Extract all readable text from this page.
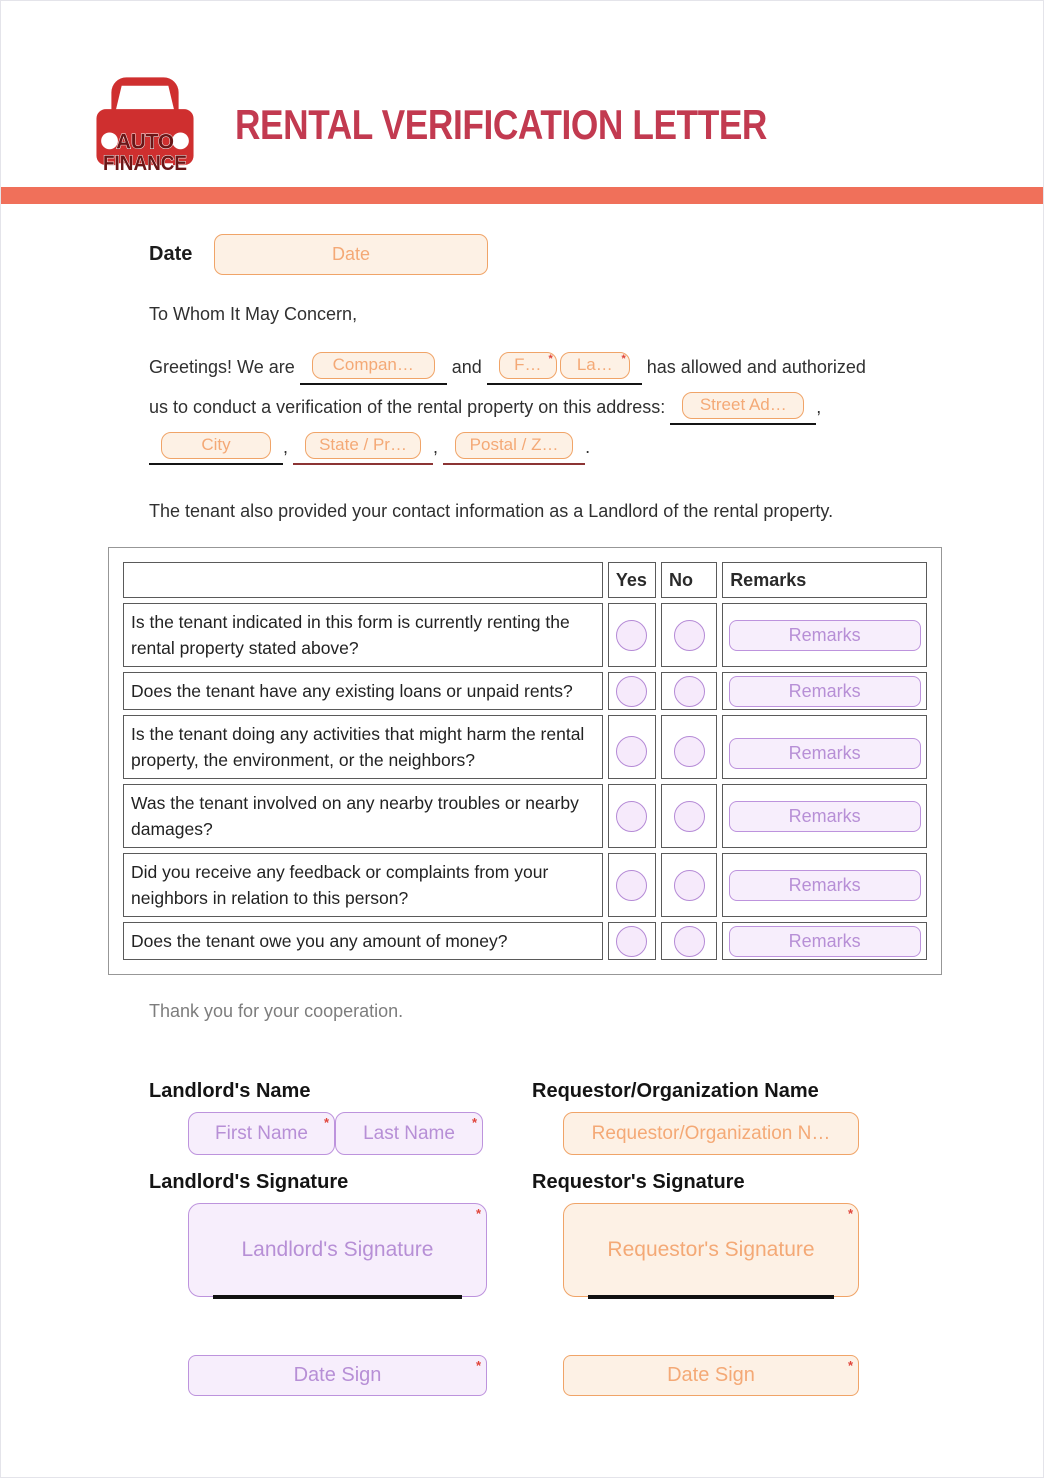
AUTO
FINANCE
RENTAL VERIFICATION LETTER
Date	Date
To Whom It May Concern,
Greetings! We are Compan… and F… * La… * has allowed and authorized
us to conduct a verification of the rental property on this address: Street Ad… ,
City	, State / Pr… , Postal / Z… .
The tenant also provided your contact information as a Landlord of the rental property.
	Yes	No	Remarks
Is the tenant indicated in this form is currently renting the rental property stated above?			Remarks
Does the tenant have any existing loans or unpaid rents?			Remarks
Is the tenant doing any activities that might harm the rental property, the environment, or the neighbors?			Remarks
Was the tenant involved on any nearby troubles or nearby damages?			Remarks
Did you receive any feedback or complaints from your neighbors in relation to this person?			Remarks
Does the tenant owe you any amount of money?			Remarks
Thank you for your cooperation.
Landlord's Name
First Name * Last Name *
Landlord's Signature
Landlord's Signature
*
Date Sign	*
Requestor/Organization Name
Requestor/Organization N…
Requestor's Signature
Requestor's Signature
*
Date Sign	*
